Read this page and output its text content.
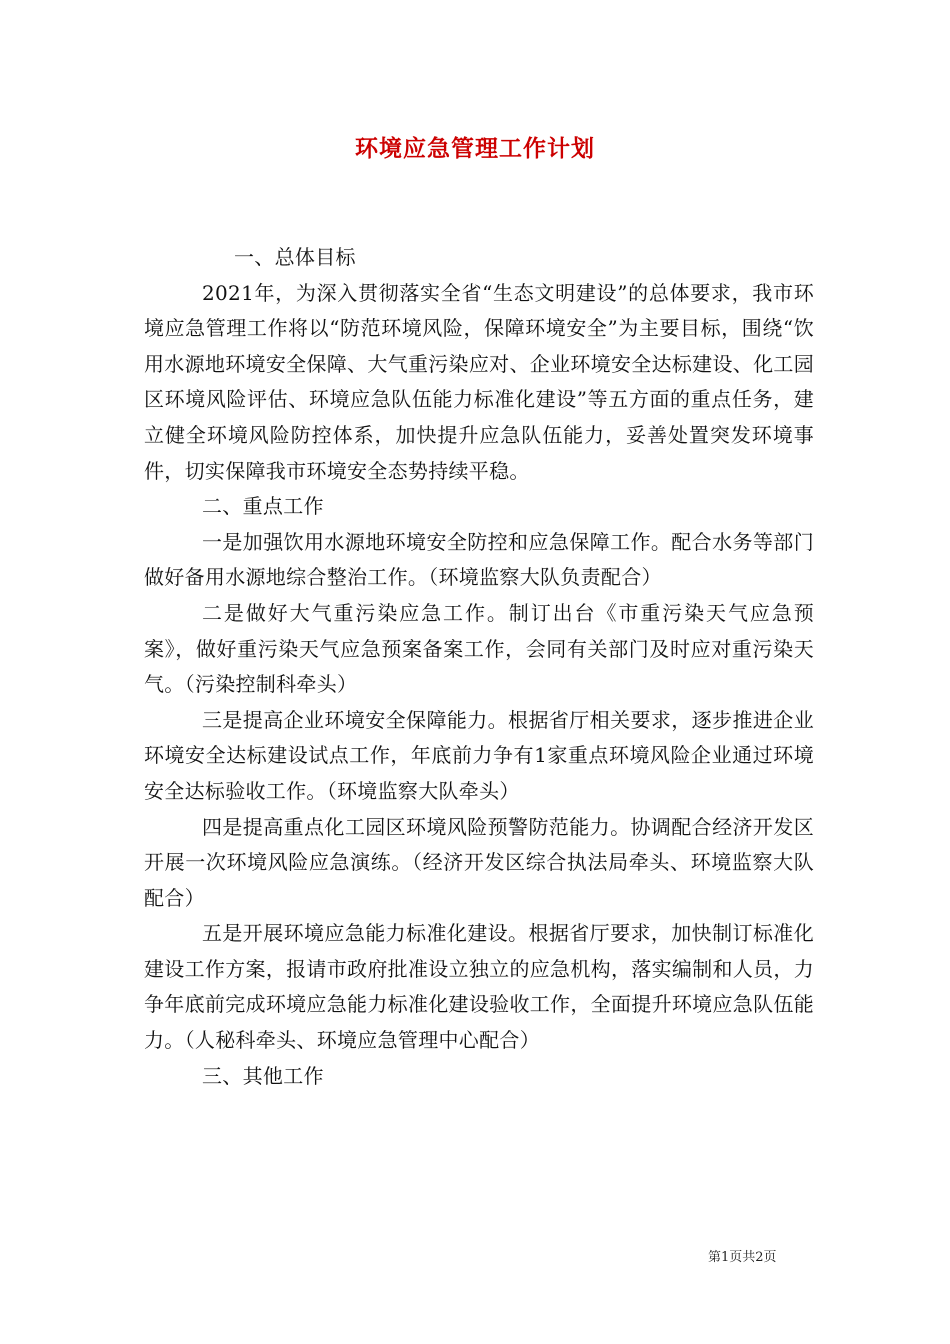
环境应急管理工作计划

一、总体目标

2021年，为深入贯彻落实全省“生态文明建设”的总体要求，我市环境应急管理工作将以“防范环境风险，保障环境安全”为主要目标，围绕“饮用水源地环境安全保障、大气重污染应对、企业环境安全达标建设、化工园区环境风险评估、环境应急队伍能力标准化建设”等五方面的重点任务，建立健全环境风险防控体系，加快提升应急队伍能力，妥善处置突发环境事件，切实保障我市环境安全态势持续平稳。

二、重点工作

一是加强饮用水源地环境安全防控和应急保障工作。配合水务等部门做好备用水源地综合整治工作。（环境监察大队负责配合）

二是做好大气重污染应急工作。制订出台《市重污染天气应急预案》，做好重污染天气应急预案备案工作，会同有关部门及时应对重污染天气。（污染控制科牵头）

三是提高企业环境安全保障能力。根据省厅相关要求，逐步推进企业环境安全达标建设试点工作，年底前力争有1家重点环境风险企业通过环境安全达标验收工作。（环境监察大队牵头）

四是提高重点化工园区环境风险预警防范能力。协调配合经济开发区开展一次环境风险应急演练。（经济开发区综合执法局牵头、环境监察大队配合）

五是开展环境应急能力标准化建设。根据省厅要求，加快制订标准化建设工作方案，报请市政府批准设立独立的应急机构，落实编制和人员，力争年底前完成环境应急能力标准化建设验收工作，全面提升环境应急队伍能力。（人秘科牵头、环境应急管理中心配合）

三、其他工作

第1页共2页
